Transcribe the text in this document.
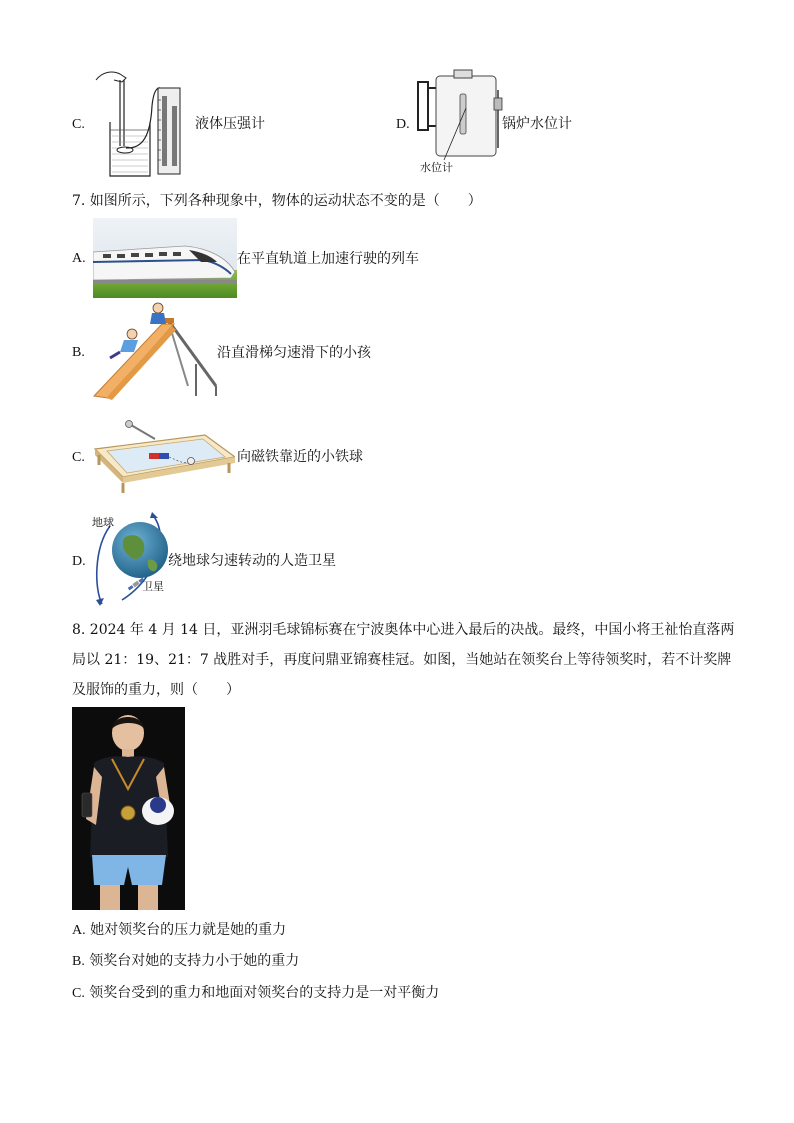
C.	液体压强计	D.
水位计
锅炉水位计
7. 如图所示，下列各种现象中，物体的运动状态不变的是（　　）
A.	在平直轨道上加速行驶的列车
B.	沿直滑梯匀速滑下的小孩
C.	向磁铁靠近的小铁球
D.
地球
卫星
绕地球匀速转动的人造卫星
8. 2024 年 4 月 14 日，亚洲羽毛球锦标赛在宁波奥体中心进入最后的决战。最终，中国小将王祉怡直落两
局以 21：19、21：7 战胜对手，再度问鼎亚锦赛桂冠。如图，当她站在领奖台上等待领奖时，若不计奖牌
及服饰的重力，则（　　）
A. 她对领奖台的压力就是她的重力
B. 领奖台对她的支持力小于她的重力
C. 领奖台受到的重力和地面对领奖台的支持力是一对平衡力
